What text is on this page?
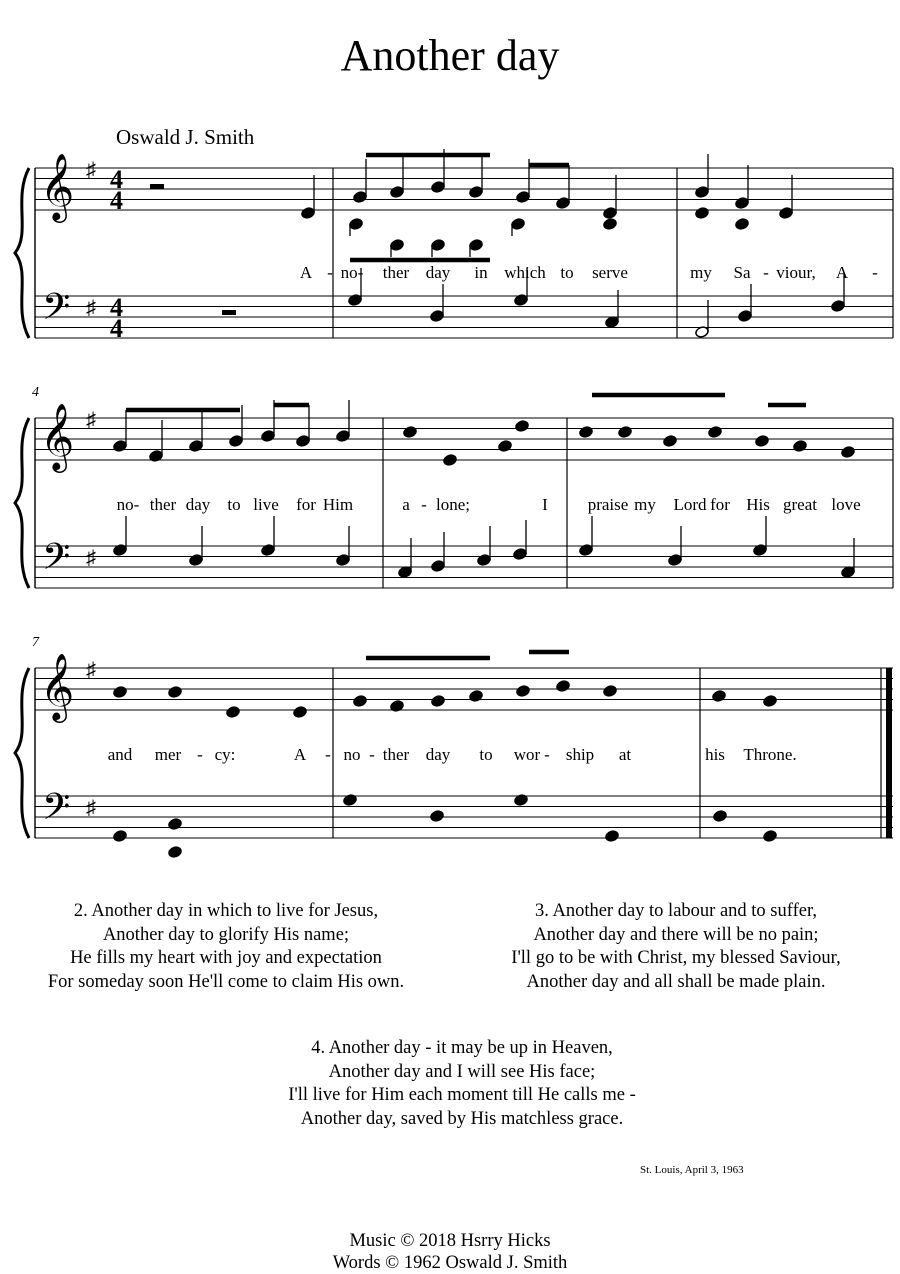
Another day
Oswald J. Smith
𝄞
𝄢
♯
♯
4
4
4
4
𝄞
𝄢
♯
♯
𝄞
𝄢
♯
♯
4
7
A - no- ther day in which to serve	my Sa - viour, A -
no- ther day to live for Him	a - lone;	I praise my Lord for His great love
and mer - cy:	A - no - ther day to wor - ship at	his Throne.
2. Another day in which to live for Jesus,
Another day to glorify His name;
He fills my heart with joy and expectation
For someday soon He'll come to claim His own.
3. Another day to labour and to suffer,
Another day and there will be no pain;
I'll go to be with Christ, my blessed Saviour,
Another day and all shall be made plain.
4. Another day - it may be up in Heaven,
Another day and I will see His face;
I'll live for Him each moment till He calls me -
Another day, saved by His matchless grace.
St. Louis, April 3, 1963
Music © 2018 Hsrry Hicks
Words © 1962 Oswald J. Smith
